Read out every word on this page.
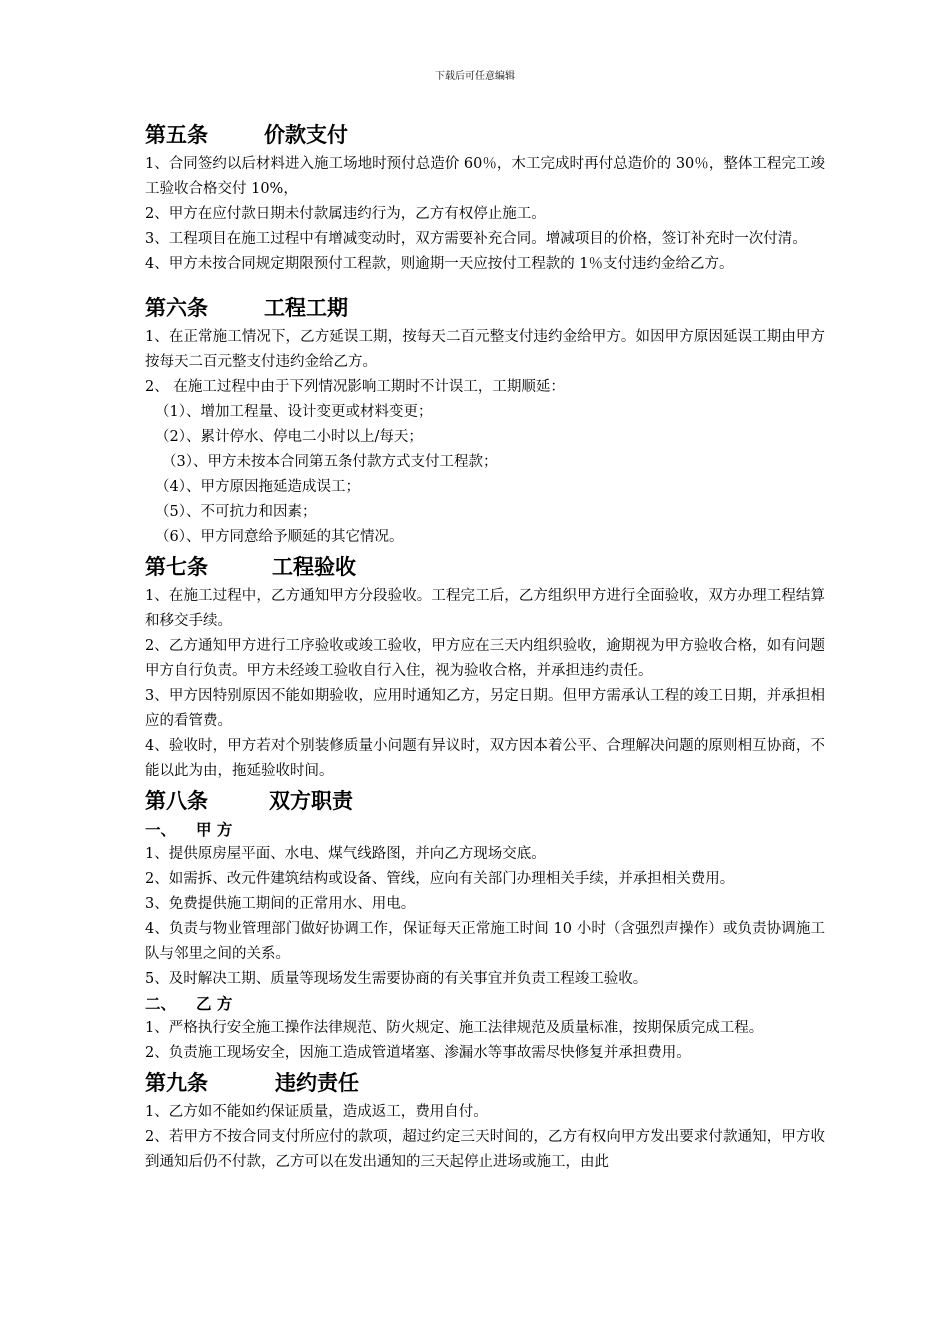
下载后可任意编辑
第五条	价款支付
1、合同签约以后材料进入施工场地时预付总造价 60％，木工完成时再付总造价的 30％，整体工程完工竣工验收合格交付 10%，
2、甲方在应付款日期未付款属违约行为，乙方有权停止施工。
3、工程项目在施工过程中有增减变动时，双方需要补充合同。增减项目的价格，签订补充时一次付清。
4、甲方未按合同规定期限预付工程款，则逾期一天应按付工程款的 1％支付违约金给乙方。
第六条	工程工期
1、在正常施工情况下，乙方延误工期，按每天二百元整支付违约金给甲方。如因甲方原因延误工期由甲方按每天二百元整支付违约金给乙方。
2、 在施工过程中由于下列情况影响工期时不计误工，工期顺延：
（1）、增加工程量、设计变更或材料变更；
（2）、累计停水、停电二小时以上/每天；
（3）、甲方未按本合同第五条付款方式支付工程款；
（4）、甲方原因拖延造成误工；
（5）、不可抗力和因素；
（6）、甲方同意给予顺延的其它情况。
第七条	工程验收
1、在施工过程中，乙方通知甲方分段验收。工程完工后，乙方组织甲方进行全面验收，双方办理工程结算和移交手续。
2、乙方通知甲方进行工序验收或竣工验收，甲方应在三天内组织验收，逾期视为甲方验收合格，如有问题甲方自行负责。甲方未经竣工验收自行入住，视为验收合格，并承担违约责任。
3、甲方因特别原因不能如期验收，应用时通知乙方，另定日期。但甲方需承认工程的竣工日期，并承担相应的看管费。
4、验收时，甲方若对个别装修质量小问题有异议时，双方因本着公平、合理解决问题的原则相互协商，不能以此为由，拖延验收时间。
第八条	双方职责
一、 甲 方
1、提供原房屋平面、水电、煤气线路图，并向乙方现场交底。
2、如需拆、改元件建筑结构或设备、管线，应向有关部门办理相关手续，并承担相关费用。
3、免费提供施工期间的正常用水、用电。
4、负责与物业管理部门做好协调工作，保证每天正常施工时间 10 小时（含强烈声操作）或负责协调施工队与邻里之间的关系。
5、及时解决工期、质量等现场发生需要协商的有关事宜并负责工程竣工验收。
二、 乙 方
1、严格执行安全施工操作法律规范、防火规定、施工法律规范及质量标准，按期保质完成工程。
2、负责施工现场安全，因施工造成管道堵塞、渗漏水等事故需尽快修复并承担费用。
第九条	违约责任
1、乙方如不能如约保证质量，造成返工，费用自付。
2、若甲方不按合同支付所应付的款项，超过约定三天时间的，乙方有权向甲方发出要求付款通知，甲方收到通知后仍不付款，乙方可以在发出通知的三天起停止进场或施工，由此
